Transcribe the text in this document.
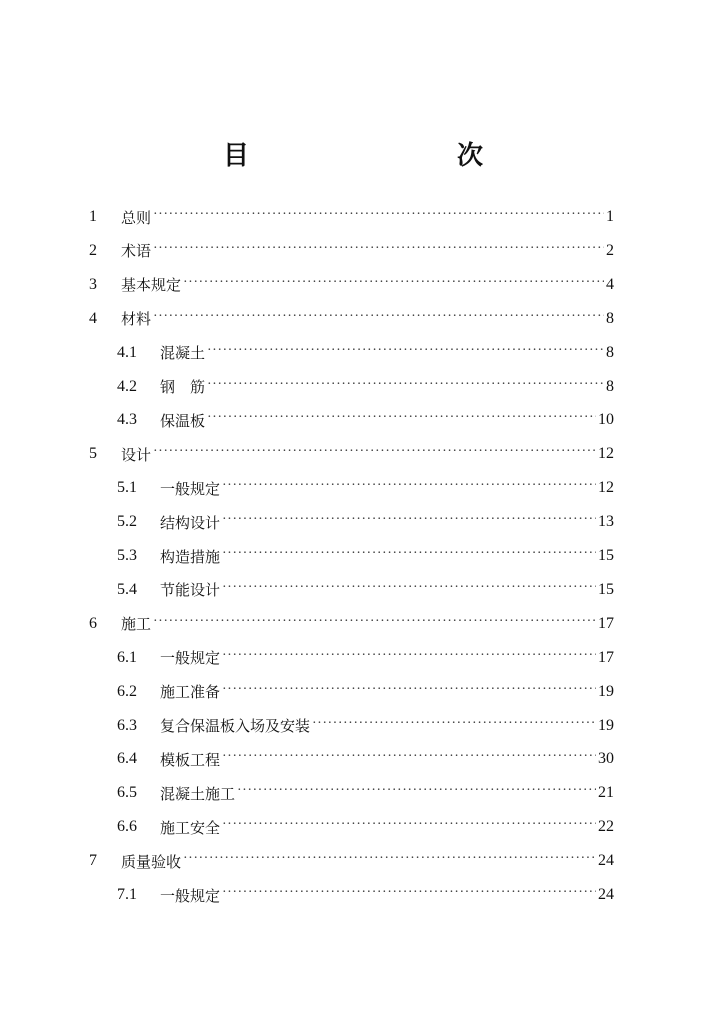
目　　次
1	总则 ·····	1
2	术语 ·····	2
3	基本规定 ·····	4
4	材料 ·····	8
4.1	混凝土 ·····	8
4.2	钢　筋 ·····	8
4.3	保温板 ·····	10
5	设计 ·····	12
5.1	一般规定 ·····	12
5.2	结构设计 ·····	13
5.3	构造措施 ·····	15
5.4	节能设计 ·····	15
6	施工 ·····	17
6.1	一般规定 ·····	17
6.2	施工准备 ·····	19
6.3	复合保温板入场及安装 ·····	19
6.4	模板工程 ·····	30
6.5	混凝土施工 ·····	21
6.6	施工安全 ·····	22
7	质量验收 ·····	24
7.1	一般规定 ·····	24
